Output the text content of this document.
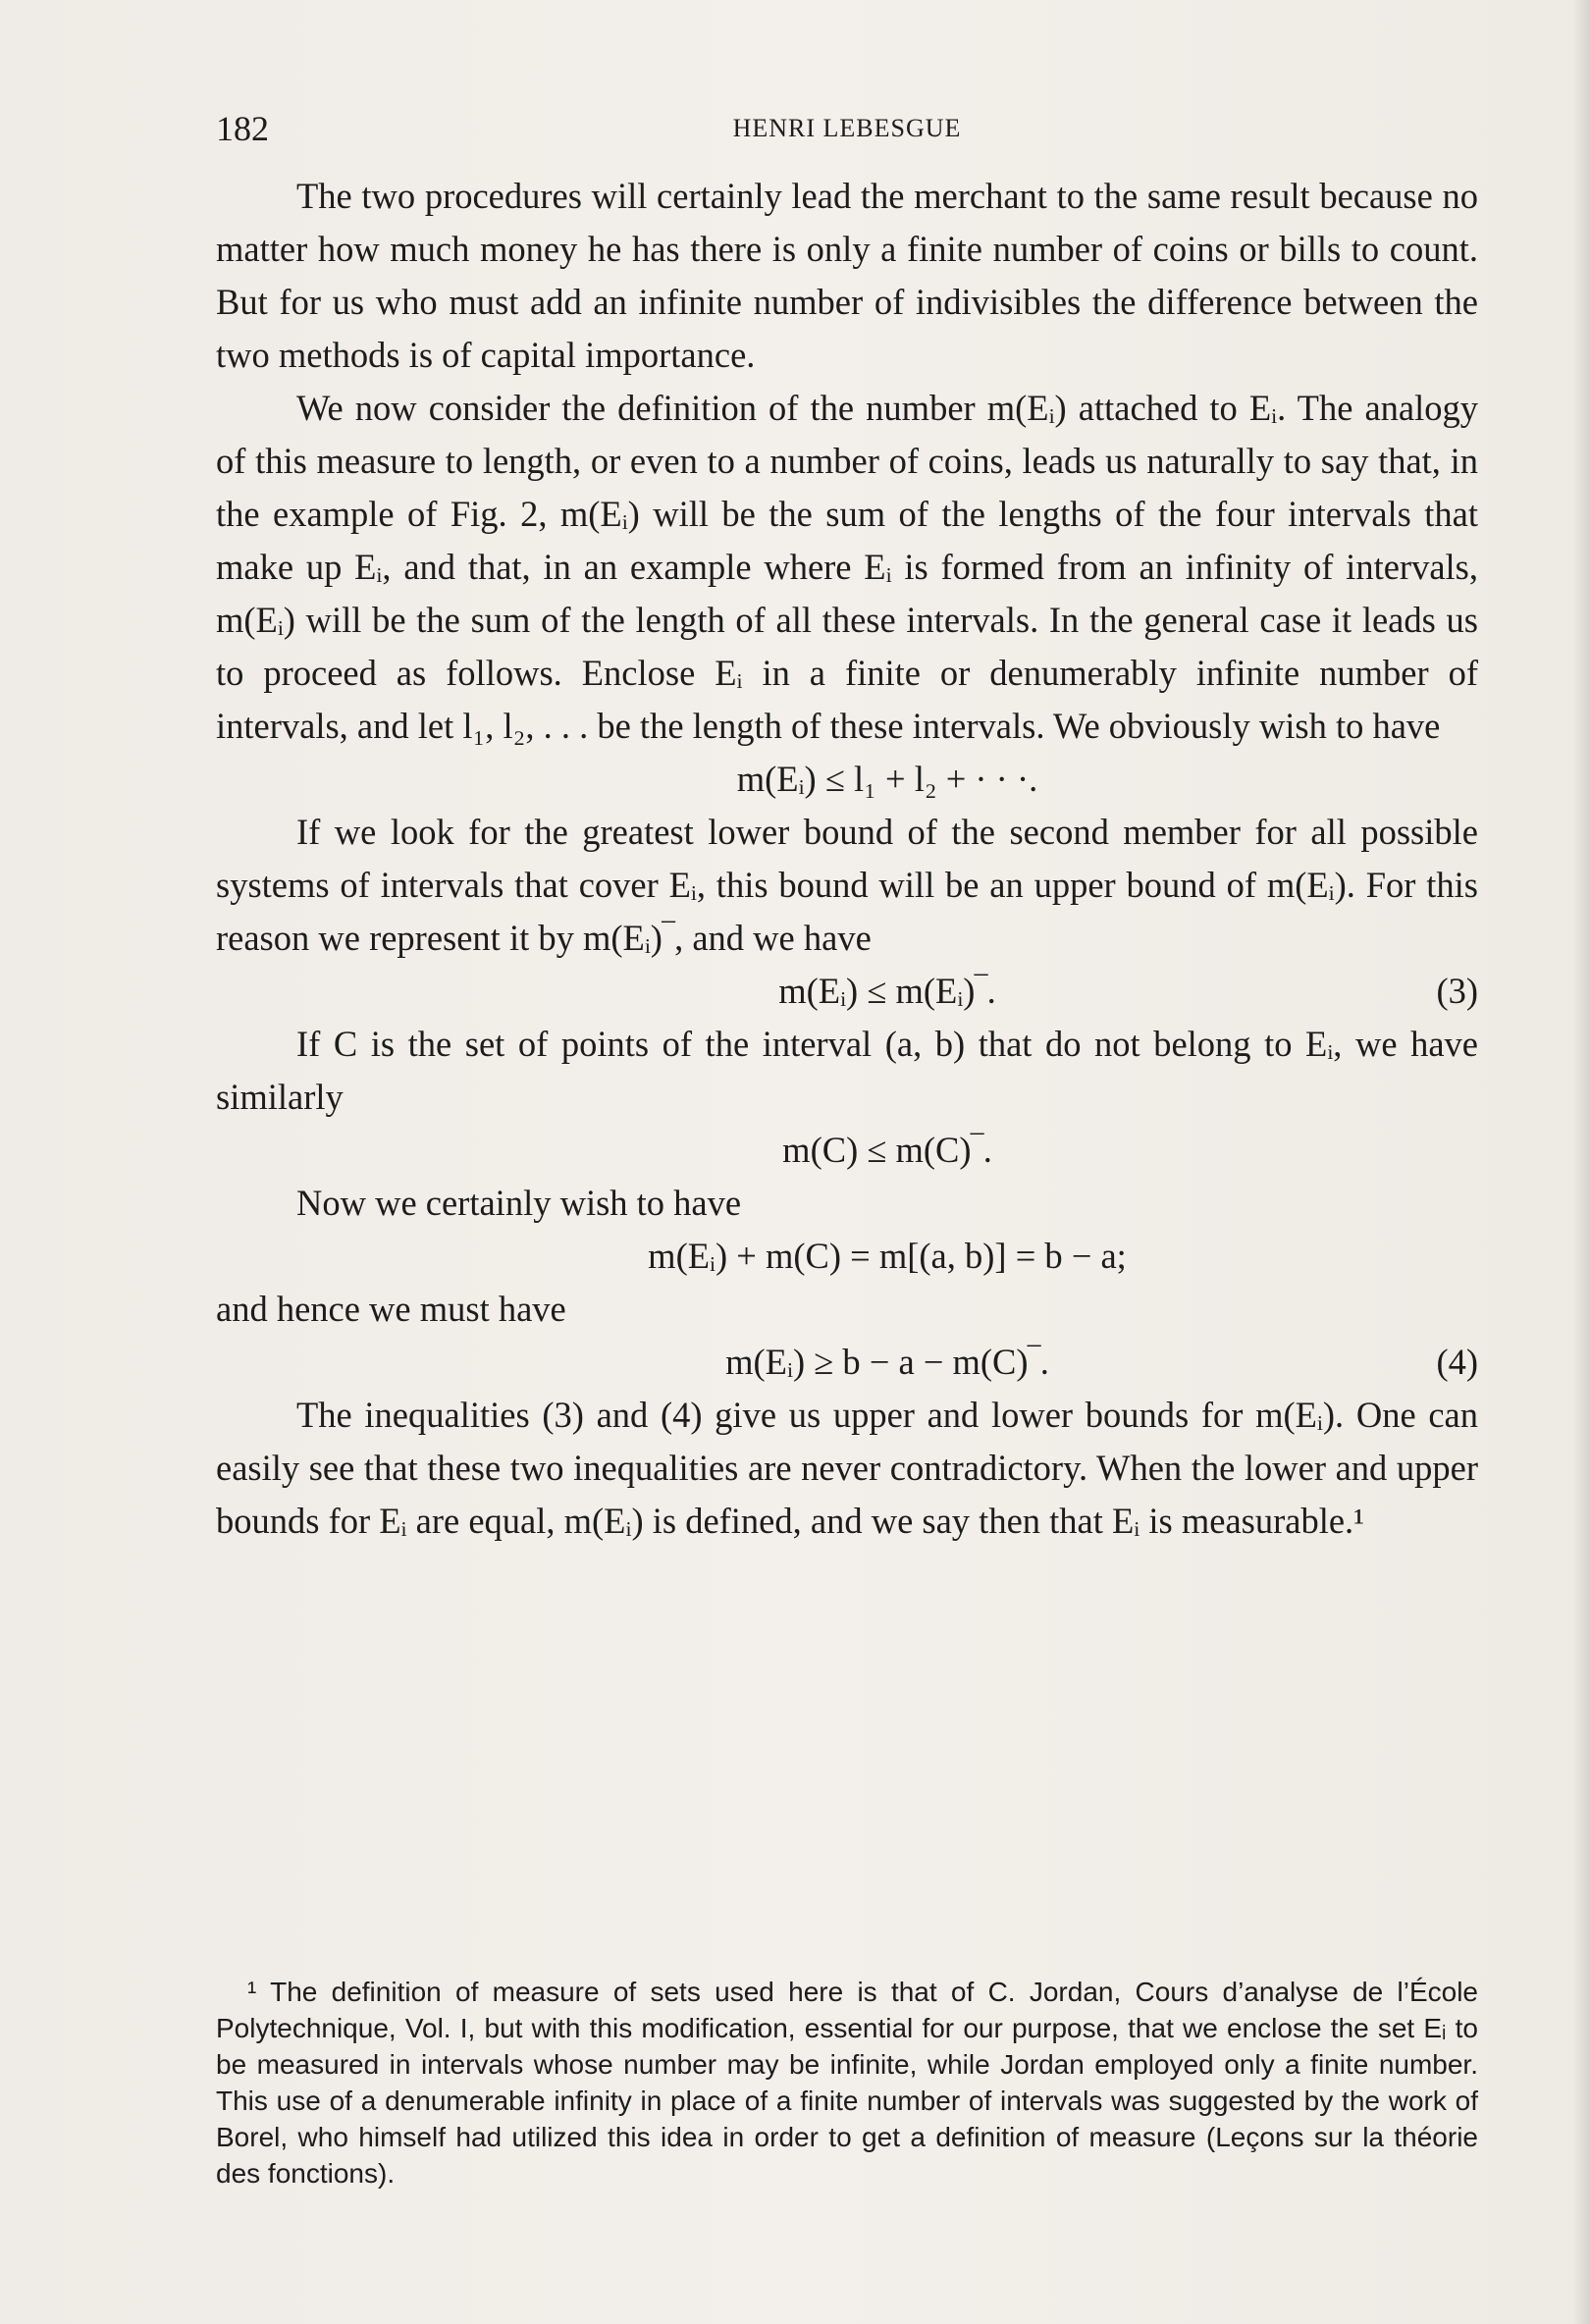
182	HENRI LEBESGUE

The two procedures will certainly lead the merchant to the same result because no matter how much money he has there is only a finite number of coins or bills to count. But for us who must add an infinite number of indivisibles the difference between the two methods is of capital importance.

We now consider the definition of the number m(Eᵢ) attached to Eᵢ. The analogy of this measure to length, or even to a number of coins, leads us naturally to say that, in the example of Fig. 2, m(Eᵢ) will be the sum of the lengths of the four intervals that make up Eᵢ, and that, in an example where Eᵢ is formed from an infinity of intervals, m(Eᵢ) will be the sum of the length of all these intervals. In the general case it leads us to proceed as follows. Enclose Eᵢ in a finite or denumerably infinite number of intervals, and let l₁, l₂, . . . be the length of these intervals. We obviously wish to have

m(Eᵢ) ≤ l₁ + l₂ + · · ·.

If we look for the greatest lower bound of the second member for all possible systems of intervals that cover Eᵢ, this bound will be an upper bound of m(Eᵢ). For this reason we represent it by m(Eᵢ)‾, and we have

m(Eᵢ) ≤ m(Eᵢ)‾.	(3)

If C is the set of points of the interval (a, b) that do not belong to Eᵢ, we have similarly

m(C) ≤ m(C)‾.

Now we certainly wish to have

m(Eᵢ) + m(C) = m[(a, b)] = b − a;

and hence we must have

m(Eᵢ) ≥ b − a − m(C)‾.	(4)

The inequalities (3) and (4) give us upper and lower bounds for m(Eᵢ). One can easily see that these two inequalities are never contradictory. When the lower and upper bounds for Eᵢ are equal, m(Eᵢ) is defined, and we say then that Eᵢ is measurable.¹

¹ The definition of measure of sets used here is that of C. Jordan, Cours d’analyse de l’École Polytechnique, Vol. I, but with this modification, essential for our purpose, that we enclose the set Eᵢ to be measured in intervals whose number may be infinite, while Jordan employed only a finite number. This use of a denumerable infinity in place of a finite number of intervals was suggested by the work of Borel, who himself had utilized this idea in order to get a definition of measure (Leçons sur la théorie des fonctions).
